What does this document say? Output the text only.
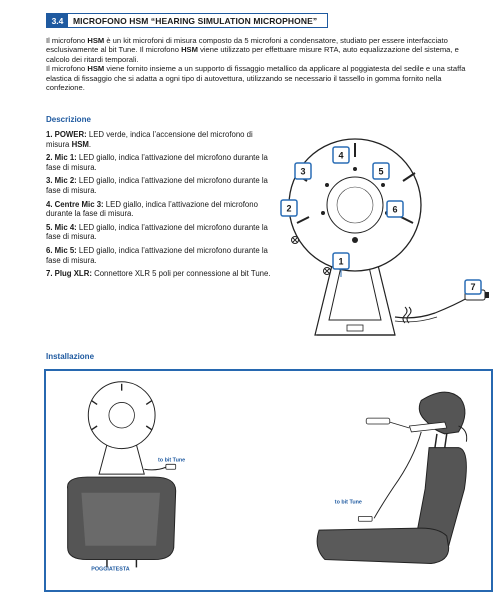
3.4	MICROFONO HSM “HEARING SIMULATION MICROPHONE”

Il microfono HSM è un kit microfoni di misura composto da 5 microfoni a condensatore, studiato per essere interfacciato esclusivamente al bit Tune. Il microfono HSM viene utilizzato per effettuare misure RTA, auto equalizzazione del sistema, e calcolo dei ritardi temporali.

Il microfono HSM viene fornito insieme a un supporto di fissaggio metallico da applicare al poggiatesta del sedile e una staffa elastica di fissaggio che si adatta a ogni tipo di autovettura, utilizzando se necessario il tassello in gomma fornito nella confezione.

Descrizione
1. POWER: LED verde, indica l’accensione del microfono di misura HSM.
2. Mic 1: LED giallo, indica l’attivazione del microfono durante la fase di misura.
3. Mic 2: LED giallo, indica l’attivazione del microfono durante la fase di misura.
4. Centre Mic 3: LED giallo, indica l’attivazione del microfono durante la fase di misura.
5. Mic 4: LED giallo, indica l’attivazione del microfono durante la fase di misura.
6. Mic 5: LED giallo, indica l’attivazione del microfono durante la fase di misura.
7. Plug XLR: Connettore XLR 5 poli per connessione al bit Tune.
1
2
3
4
5
6
7
Installazione
to bit Tune
POGGIATESTA
to bit Tune
